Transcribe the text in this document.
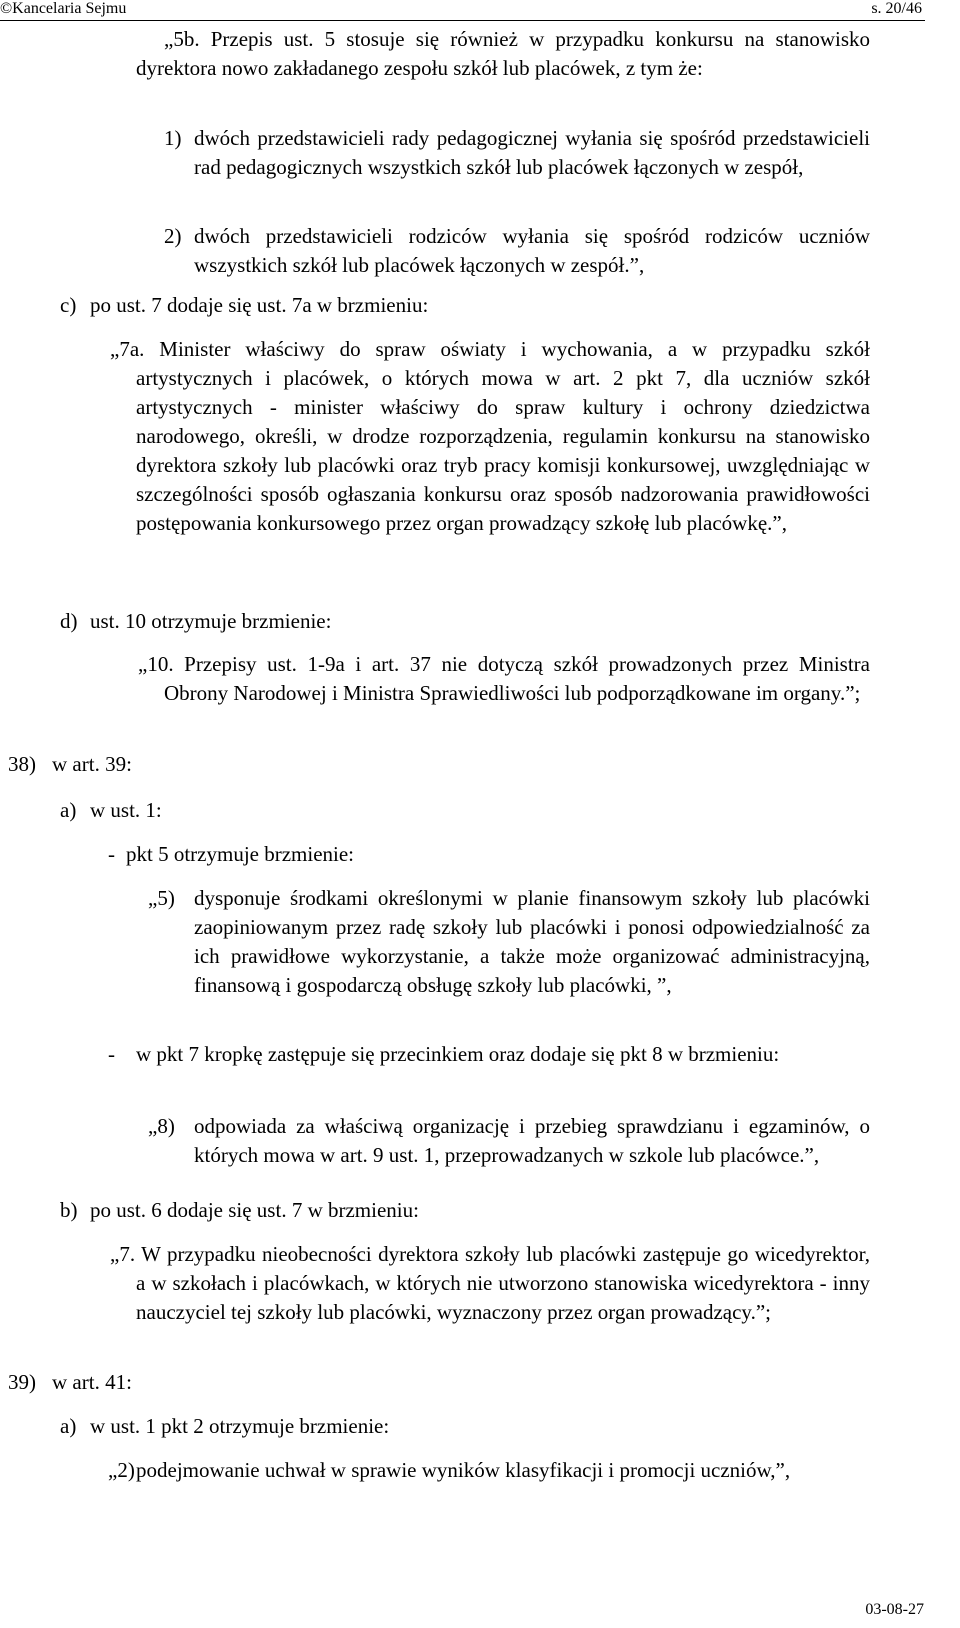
©Kancelaria Sejmu	s. 20/46

„5b. Przepis ust. 5 stosuje się również w przypadku konkursu na stanowisko dyrektora nowo zakładanego zespołu szkół lub placówek, z tym że:

1) dwóch przedstawicieli rady pedagogicznej wyłania się spośród przedstawicieli rad pedagogicznych wszystkich szkół lub placówek łączonych w zespół,
2) dwóch przedstawicieli rodziców wyłania się spośród rodziców uczniów wszystkich szkół lub placówek łączonych w zespół.”,
c) po ust. 7 dodaje się ust. 7a w brzmieniu:

„7a. Minister właściwy do spraw oświaty i wychowania, a w przypadku szkół artystycznych i placówek, o których mowa w art. 2 pkt 7, dla uczniów szkół artystycznych - minister właściwy do spraw kultury i ochrony dziedzictwa narodowego, określi, w drodze rozporządzenia, regulamin konkursu na stanowisko dyrektora szkoły lub placówki oraz tryb pracy komisji konkursowej, uwzględniając w szczególności sposób ogłaszania konkursu oraz sposób nadzorowania prawidłowości postępowania konkursowego przez organ prowadzący szkołę lub placówkę.”,

d) ust. 10 otrzymuje brzmienie:

„10. Przepisy ust. 1-9a i art. 37 nie dotyczą szkół prowadzonych przez Ministra Obrony Narodowej i Ministra Sprawiedliwości lub podporządkowane im organy.”;

38) w art. 39:
a) w ust. 1:
- pkt 5 otrzymuje brzmienie:
„5) dysponuje środkami określonymi w planie finansowym szkoły lub placówki zaopiniowanym przez radę szkoły lub placówki i ponosi odpowiedzialność za ich prawidłowe wykorzystanie, a także może organizować administracyjną, finansową i gospodarczą obsługę szkoły lub placówki, ”,
-	w pkt 7 kropkę zastępuje się przecinkiem oraz dodaje się pkt 8 w brzmieniu:
„8) odpowiada za właściwą organizację i przebieg sprawdzianu i egzaminów, o których mowa w art. 9 ust. 1, przeprowadzanych w szkole lub placówce.”,
b) po ust. 6 dodaje się ust. 7 w brzmieniu:

„7. W przypadku nieobecności dyrektora szkoły lub placówki zastępuje go wicedyrektor, a w szkołach i placówkach, w których nie utworzono stanowiska wicedyrektora - inny nauczyciel tej szkoły lub placówki, wyznaczony przez organ prowadzący.”;

39) w art. 41:
a) w ust. 1 pkt 2 otrzymuje brzmienie:
„2) podejmowanie uchwał w sprawie wyników klasyfikacji i promocji uczniów,”,
03-08-27
